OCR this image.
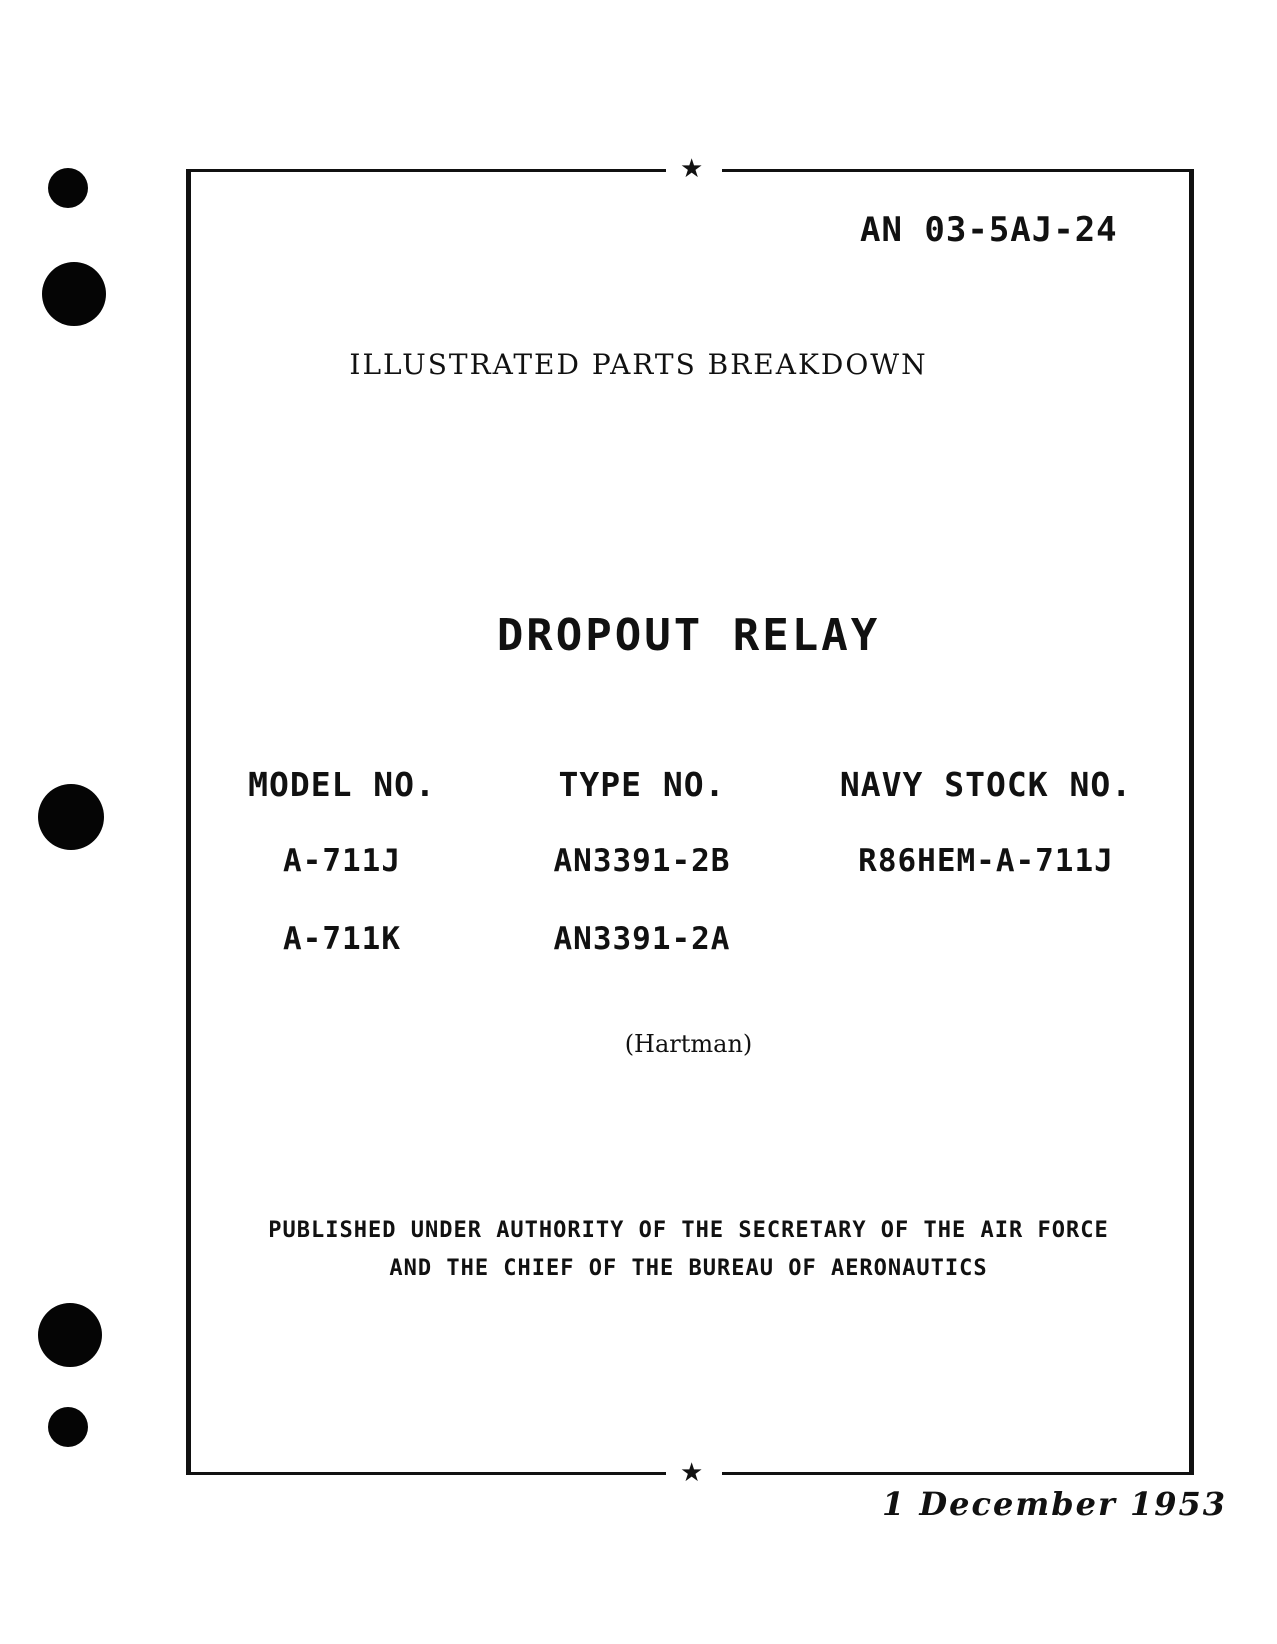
★
★
AN 03-5AJ-24
ILLUSTRATED PARTS BREAKDOWN
DROPOUT RELAY
MODEL NO.
A-711J
A-711K
TYPE NO.
AN3391-2B
AN3391-2A
NAVY STOCK NO.
R86HEM-A-711J
(Hartman)
PUBLISHED UNDER AUTHORITY OF THE SECRETARY OF THE AIR FORCE
AND THE CHIEF OF THE BUREAU OF AERONAUTICS
1 December 1953
